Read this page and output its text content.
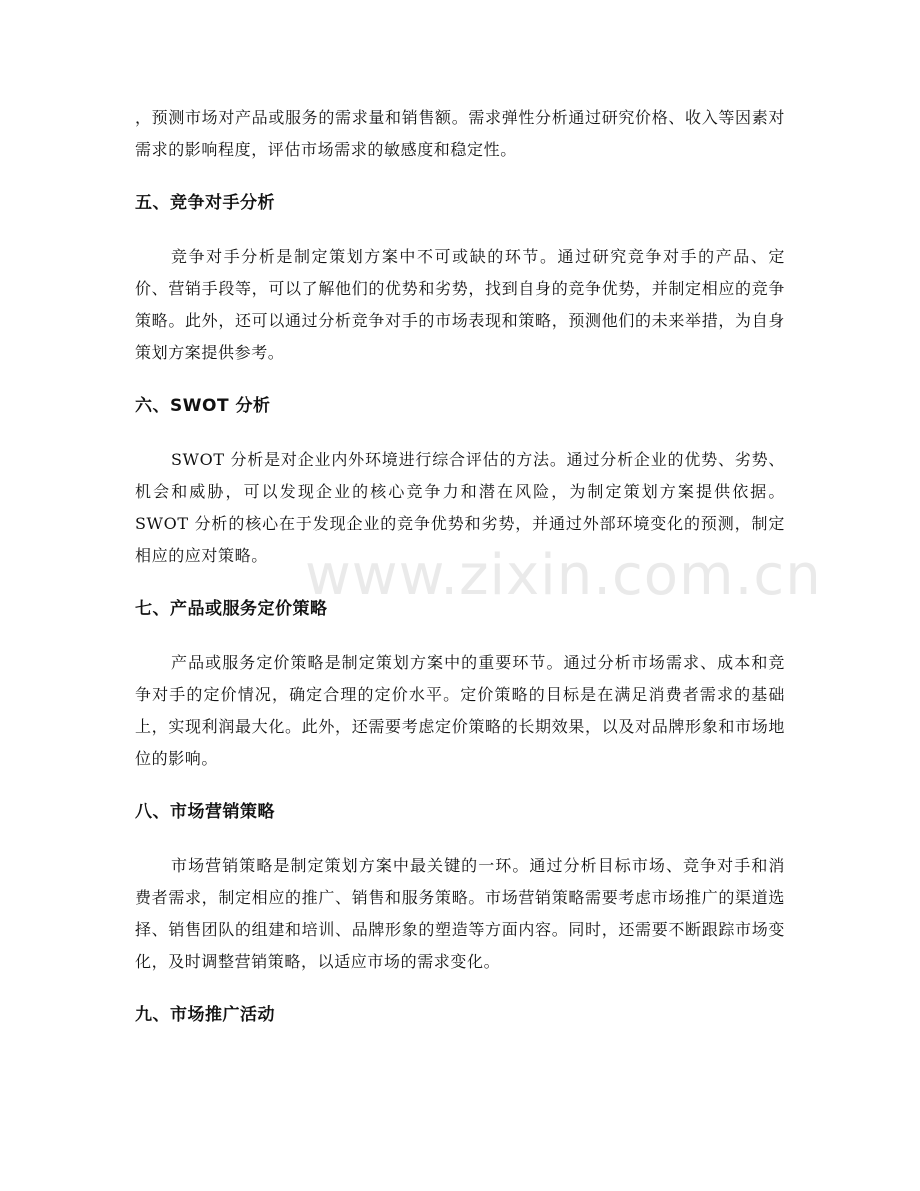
，预测市场对产品或服务的需求量和销售额。需求弹性分析通过研究价格、收入等因素对需求的影响程度，评估市场需求的敏感度和稳定性。

五、竞争对手分析

竞争对手分析是制定策划方案中不可或缺的环节。通过研究竞争对手的产品、定价、营销手段等，可以了解他们的优势和劣势，找到自身的竞争优势，并制定相应的竞争策略。此外，还可以通过分析竞争对手的市场表现和策略，预测他们的未来举措，为自身策划方案提供参考。

六、SWOT 分析

SWOT 分析是对企业内外环境进行综合评估的方法。通过分析企业的优势、劣势、机会和威胁，可以发现企业的核心竞争力和潜在风险，为制定策划方案提供依据。SWOT 分析的核心在于发现企业的竞争优势和劣势，并通过外部环境变化的预测，制定相应的应对策略。

七、产品或服务定价策略

产品或服务定价策略是制定策划方案中的重要环节。通过分析市场需求、成本和竞争对手的定价情况，确定合理的定价水平。定价策略的目标是在满足消费者需求的基础上，实现利润最大化。此外，还需要考虑定价策略的长期效果，以及对品牌形象和市场地位的影响。

八、市场营销策略

市场营销策略是制定策划方案中最关键的一环。通过分析目标市场、竞争对手和消费者需求，制定相应的推广、销售和服务策略。市场营销策略需要考虑市场推广的渠道选择、销售团队的组建和培训、品牌形象的塑造等方面内容。同时，还需要不断跟踪市场变化，及时调整营销策略，以适应市场的需求变化。

九、市场推广活动
www.zixin.com.cn
